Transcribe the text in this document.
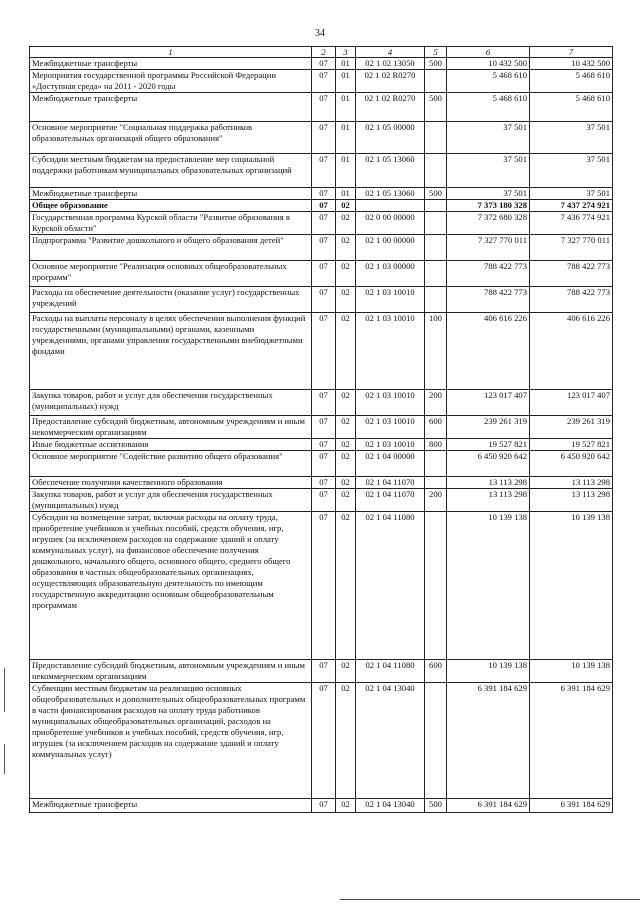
34
1	2	3	4	5	6	7
Межбюджетные трансферты	07	01	02 1 02 13050	500	10 432 500	10 432 500
Мероприятия государственной программы Российской Федерации «Доступная среда» на 2011 - 2020 годы	07	01	02 1 02 R0270		5 468 610	5 468 610
Межбюджетные трансферты	07	01	02 1 02 R0270	500	5 468 610	5 468 610
Основное мероприятие "Социальная поддержка работников образовательных организаций общего образования"	07	01	02 1 05 00000		37 501	37 501
Субсидии местным бюджетам на предоставление мер социальной поддержки работникам муниципальных образовательных организаций	07	01	02 1 05 13060		37 501	37 501
Межбюджетные трансферты	07	01	02 1 05 13060	500	37 501	37 501
Общее образование	07	02			7 373 180 328	7 437 274 921
Государственная программа Курской области "Развитие образования в Курской области"	07	02	02 0 00 00000		7 372 680 328	7 436 774 921
Подпрограмма "Развитие дошкольного и общего образования детей"	07	02	02 1 00 00000		7 327 770 011	7 327 770 011
Основное мероприятие "Реализация основных общеобразовательных программ"	07	02	02 1 03 00000		788 422 773	788 422 773
Расходы на обеспечение деятельности (оказание услуг) государственных учреждений	07	02	02 1 03 10010		788 422 773	788 422 773
Расходы на выплаты персоналу в целях обеспечения выполнения функций государственными (муниципальными) органами, казенными учреждениями, органами управления государственными внебюджетными фондами	07	02	02 1 03 10010	100	406 616 226	406 616 226
Закупка товаров, работ и услуг для обеспечения государственных (муниципальных) нужд	07	02	02 1 03 10010	200	123 017 407	123 017 407
Предоставление субсидий бюджетным, автономным учреждениям и иным некоммерческим организациям	07	02	02 1 03 10010	600	239 261 319	239 261 319
Иные бюджетные ассигнования	07	02	02 1 03 10010	800	19 527 821	19 527 821
Основное мероприятие "Содействие развитию общего образования"	07	02	02 1 04 00000		6 450 920 642	6 450 920 642
Обеспечение получения качественного образования	07	02	02 1 04 11070		13 113 298	13 113 298
Закупка товаров, работ и услуг для обеспечения государственных (муниципальных) нужд	07	02	02 1 04 11070	200	13 113 298	13 113 298
Субсидии на возмещение затрат, включая расходы на оплату труда, приобретение учебников и учебных пособий, средств обучения, игр, игрушек (за исключением расходов на содержание зданий и оплату коммунальных услуг), на финансовое обеспечение получения дошкольного, начального общего, основного общего, среднего общего образования в частных общеобразовательных организациях, осуществляющих образовательную деятельность по имеющим государственную аккредитацию основным общеобразовательным программам	07	02	02 1 04 11080		10 139 138	10 139 138
Предоставление субсидий бюджетным, автономным учреждениям и иным некоммерческим организациям	07	02	02 1 04 11080	600	10 139 138	10 139 138
Субвенции местным бюджетам на реализацию основных общеобразовательных и дополнительных общеобразовательных программ в части финансирования расходов на оплату труда работников муниципальных общеобразовательных организаций, расходов на приобретение учебников и учебных пособий, средств обучения, игр, игрушек (за исключением расходов на содержание зданий и оплату коммунальных услуг)	07	02	02 1 04 13040		6 391 184 629	6 391 184 629
Межбюджетные трансферты	07	02	02 1 04 13040	500	6 391 184 629	6 391 184 629
